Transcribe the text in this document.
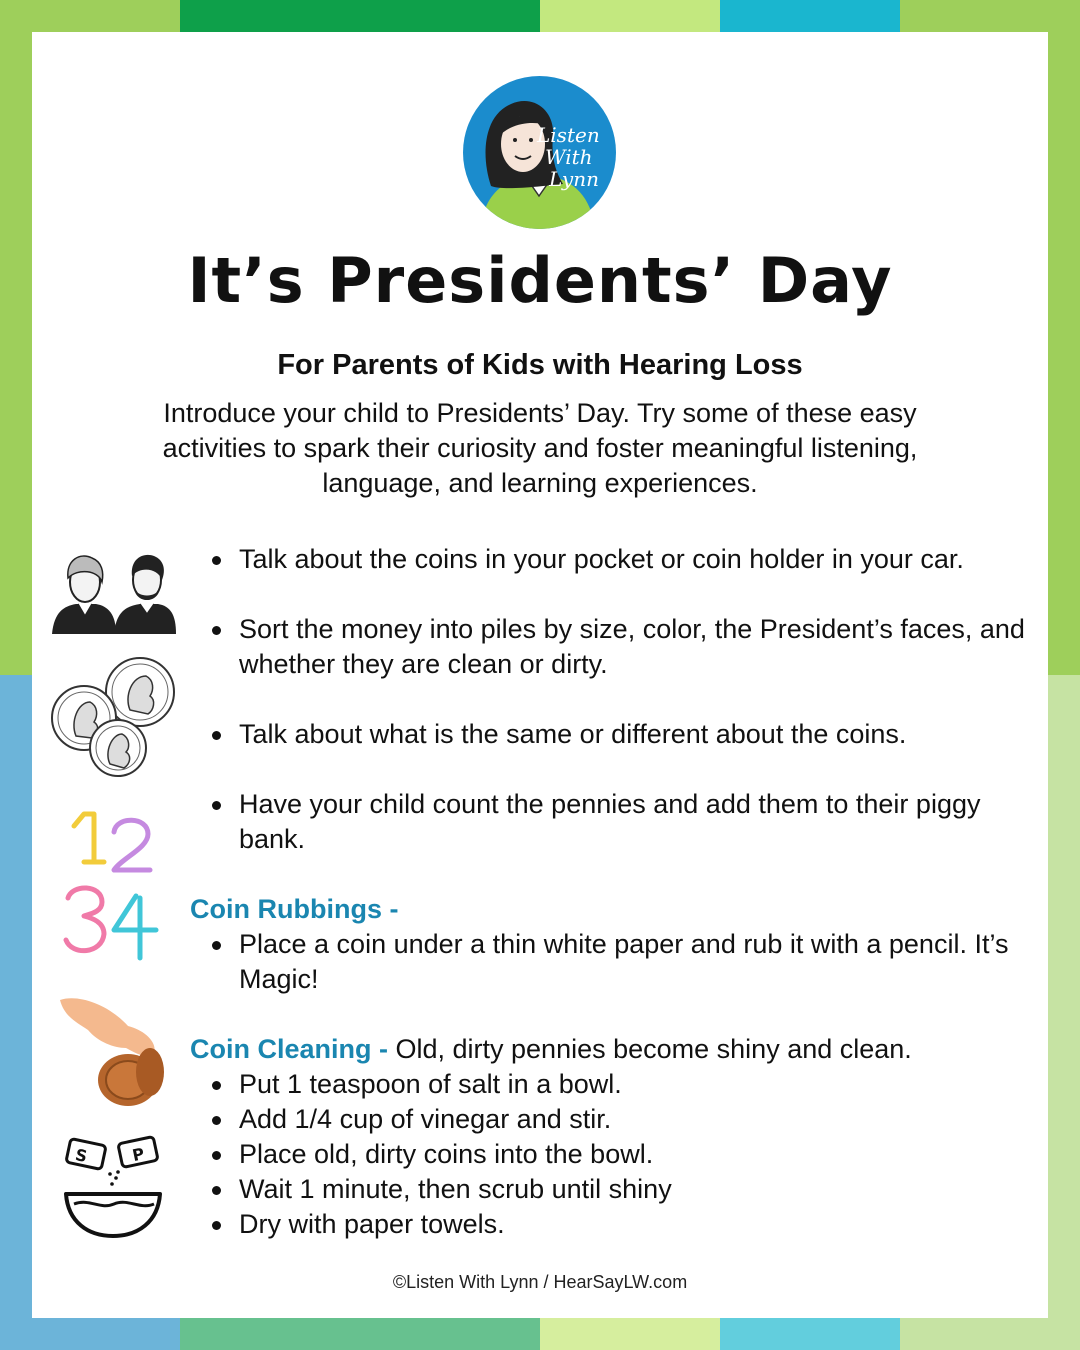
Listen
With
Lynn
It’s Presidents’ Day
For Parents of Kids with Hearing Loss

Introduce your child to Presidents’ Day. Try some of these easy activities to spark their curiosity and foster meaningful listening, language, and learning experiences.

S	P
Talk about the coins in your pocket or coin holder in your car.
Sort the money into piles by size, color, the President’s faces, and whether they are clean or dirty.
Talk about what is the same or different about the coins.
Have your child count the pennies and add them to their piggy bank.

Coin Rubbings -

Place a coin under a thin white paper and rub it with a pencil. It’s Magic!

Coin Cleaning - Old, dirty pennies become shiny and clean.

Put 1 teaspoon of salt in a bowl.
Add 1/4 cup of vinegar and stir.
Place old, dirty coins into the bowl.
Wait 1 minute, then scrub until shiny
Dry with paper towels.
©Listen With Lynn / HearSayLW.com
